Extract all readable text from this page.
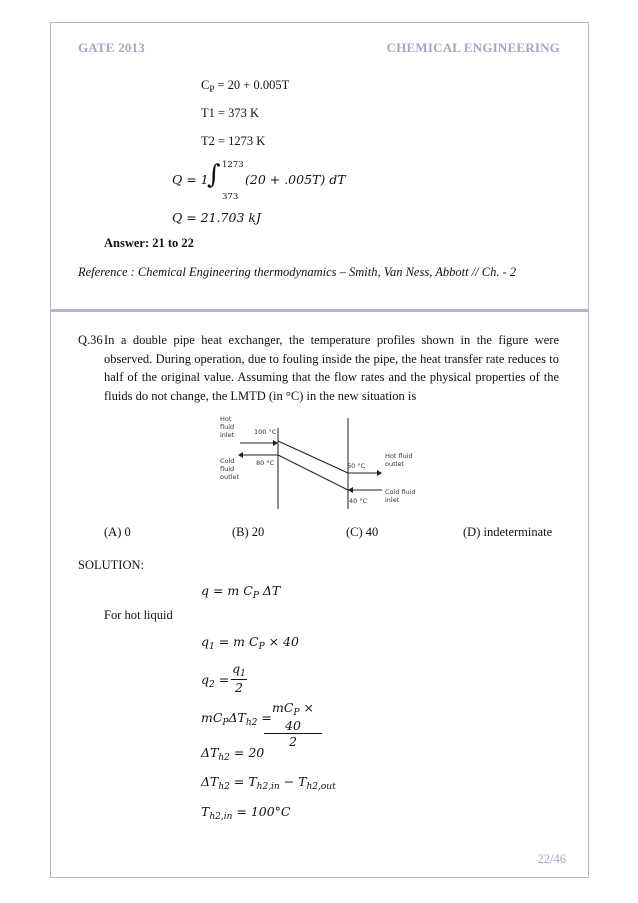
GATE 2013	CHEMICAL ENGINEERING
$C_P = 20 + 0.005T$
T1 = 373 K
T2 = 1273 K
Q = 1
∫ 1273
373
(20 + .005T) dT
Q = 21.703 kJ
Answer: 21 to 22
Reference : Chemical Engineering thermodynamics – Smith, Van Ness, Abbott // Ch. - 2
Q.36 In a double pipe heat exchanger, the temperature profiles shown in the figure were observed. During operation, due to fouling inside the pipe, the heat transfer rate reduces to half of the original value. Assuming that the flow rates and the physical properties of the fluids do not change, the LMTD (in °C) in the new situation is
Hot
fluid
inlet
Cold
fluid
outlet
100 °C
80 °C	60 °C
40 °C
Hot fluid
outlet
Cold fluid
inlet
(A) 0	(B) 20	(C) 40	(D) indeterminate
SOLUTION:
q = m $C_P$ ΔT
For hot liquid
$q_1 = m$ $C_P \times 40$
$q_2 = \frac{q_1}{2}$
$mC_P\Delta T_{h2}$ =
$mC_P \times 40$
2
$\Delta T_{h2} = 20$
$\Delta T_{h2} = T_{h2,in} - T_{h2,out}$
$T_{h2,in} = 100^\circ C$
22/46
